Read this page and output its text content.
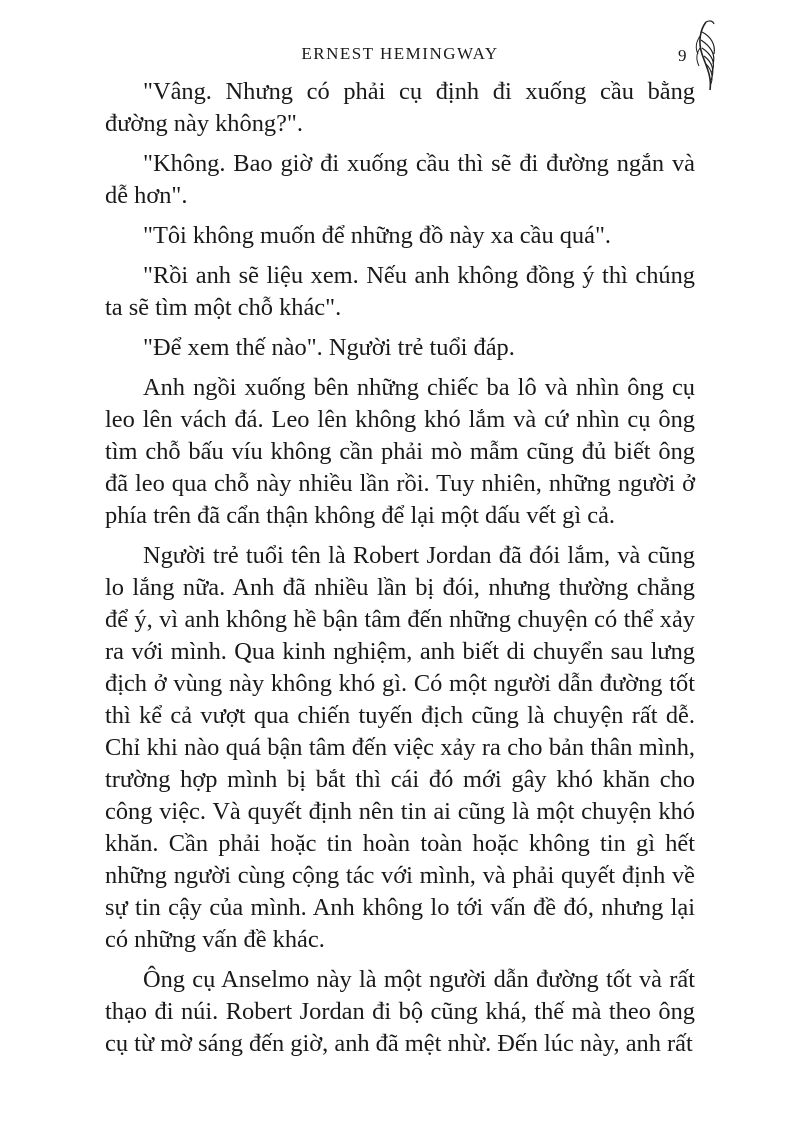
ERNEST HEMINGWAY	9

"Vâng. Nhưng có phải cụ định đi xuống cầu bằng đường này không?".

"Không. Bao giờ đi xuống cầu thì sẽ đi đường ngắn và dễ hơn".

"Tôi không muốn để những đồ này xa cầu quá".

"Rồi anh sẽ liệu xem. Nếu anh không đồng ý thì chúng ta sẽ tìm một chỗ khác".

"Để xem thế nào". Người trẻ tuổi đáp.

Anh ngồi xuống bên những chiếc ba lô và nhìn ông cụ leo lên vách đá. Leo lên không khó lắm và cứ nhìn cụ ông tìm chỗ bấu víu không cần phải mò mẫm cũng đủ biết ông đã leo qua chỗ này nhiều lần rồi. Tuy nhiên, những người ở phía trên đã cẩn thận không để lại một dấu vết gì cả.

Người trẻ tuổi tên là Robert Jordan đã đói lắm, và cũng lo lắng nữa. Anh đã nhiều lần bị đói, nhưng thường chẳng để ý, vì anh không hề bận tâm đến những chuyện có thể xảy ra với mình. Qua kinh nghiệm, anh biết di chuyển sau lưng địch ở vùng này không khó gì. Có một người dẫn đường tốt thì kể cả vượt qua chiến tuyến địch cũng là chuyện rất dễ. Chỉ khi nào quá bận tâm đến việc xảy ra cho bản thân mình, trường hợp mình bị bắt thì cái đó mới gây khó khăn cho công việc. Và quyết định nên tin ai cũng là một chuyện khó khăn. Cần phải hoặc tin hoàn toàn hoặc không tin gì hết những người cùng cộng tác với mình, và phải quyết định về sự tin cậy của mình. Anh không lo tới vấn đề đó, nhưng lại có những vấn đề khác.

Ông cụ Anselmo này là một người dẫn đường tốt và rất thạo đi núi. Robert Jordan đi bộ cũng khá, thế mà theo ông cụ từ mờ sáng đến giờ, anh đã mệt nhừ. Đến lúc này, anh rất
